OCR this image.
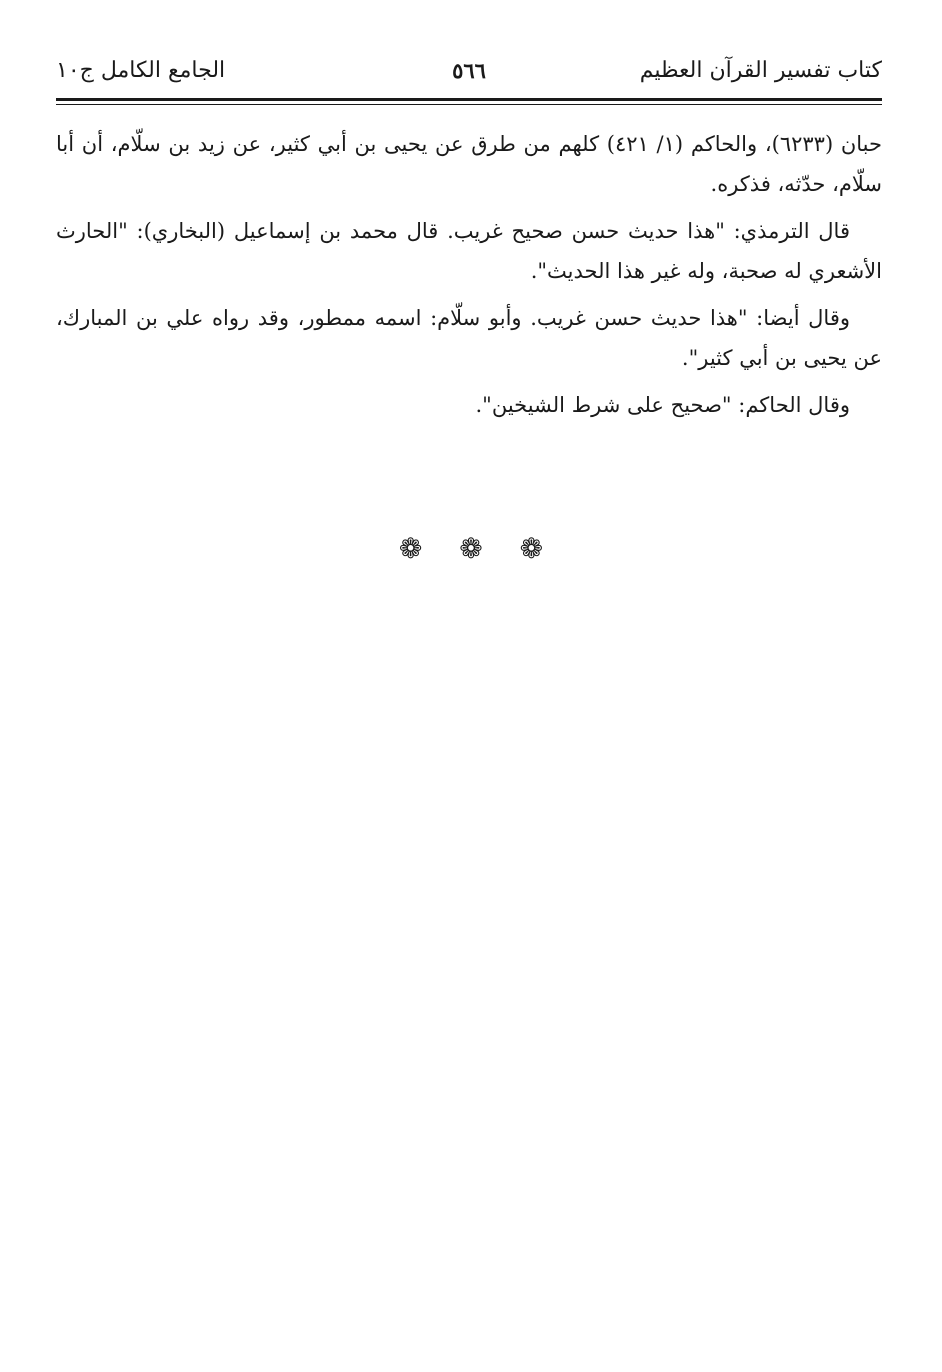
كتاب تفسير القرآن العظيم
٥٦٦
الجامع الكامل ج١٠

حبان (٦٢٣٣)، والحاكم (١/ ٤٢١) كلهم من طرق عن يحيى بن أبي كثير، عن زيد بن سلّام، أن أبا سلّام، حدّثه، فذكره.

قال الترمذي: "هذا حديث حسن صحيح غريب. قال محمد بن إسماعيل (البخاري): "الحارث الأشعري له صحبة، وله غير هذا الحديث".

وقال أيضا: "هذا حديث حسن غريب. وأبو سلّام: اسمه ممطور، وقد رواه علي بن المبارك، عن يحيى بن أبي كثير".

وقال الحاكم: "صحيح على شرط الشيخين".

❁ ❁ ❁
